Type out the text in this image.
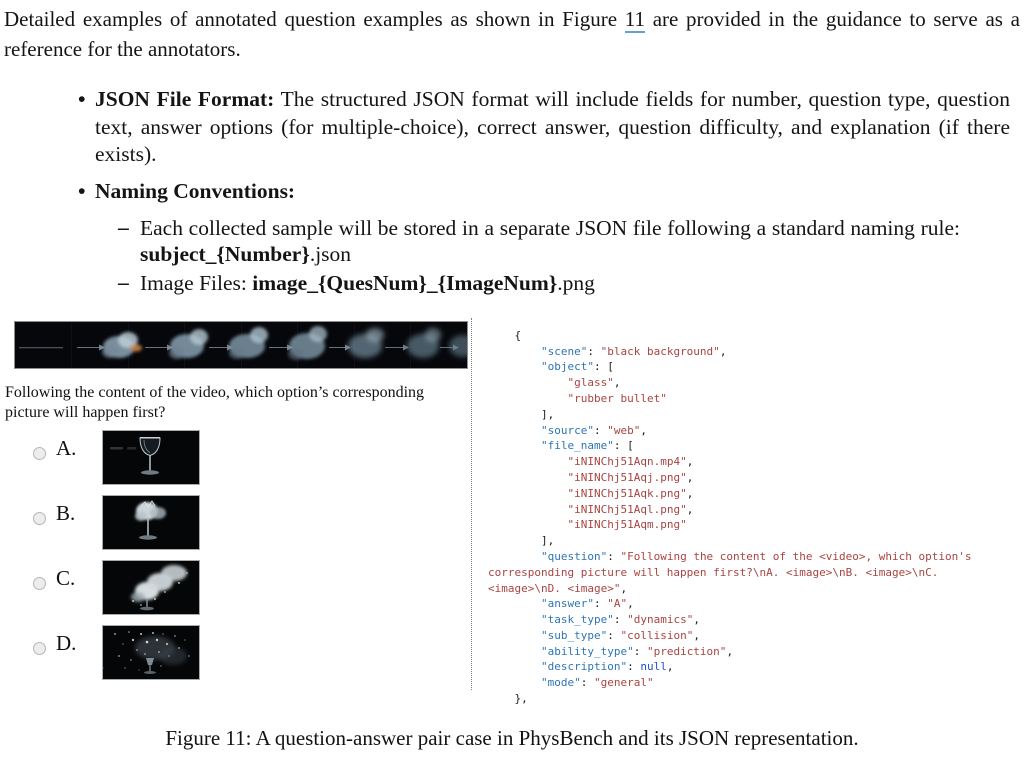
Detailed examples of annotated question examples as shown in Figure 11 are provided in the guidance to serve as a reference for the annotators.
• JSON File Format: The structured JSON format will include fields for number, question type, question text, answer options (for multiple-choice), correct answer, question difficulty, and explanation (if there exists).
• Naming Conventions:
– Each collected sample will be stored in a separate JSON file following a standard naming rule: subject_{Number}.json
– Image Files: image_{QuesNum}_{ImageNum}.png
Following the content of the video, which option’s corresponding picture will happen first?
A.
B.
C.
D.
{
"scene": "black background",
"object": [
"glass",
"rubber bullet"
],
"source": "web",
"file_name": [
"iNINChj51Aqn.mp4",
"iNINChj51Aqj.png",
"iNINChj51Aqk.png",
"iNINChj51Aql.png",
"iNINChj51Aqm.png"
],
"question": "Following the content of the <video>, which option's corresponding picture will happen first?\nA. <image>\nB. <image>\nC. <image>\nD. <image>",
"answer": "A",
"task_type": "dynamics",
"sub_type": "collision",
"ability_type": "prediction",
"description": null,
"mode": "general"
},
Figure 11: A question-answer pair case in PhysBench and its JSON representation.
